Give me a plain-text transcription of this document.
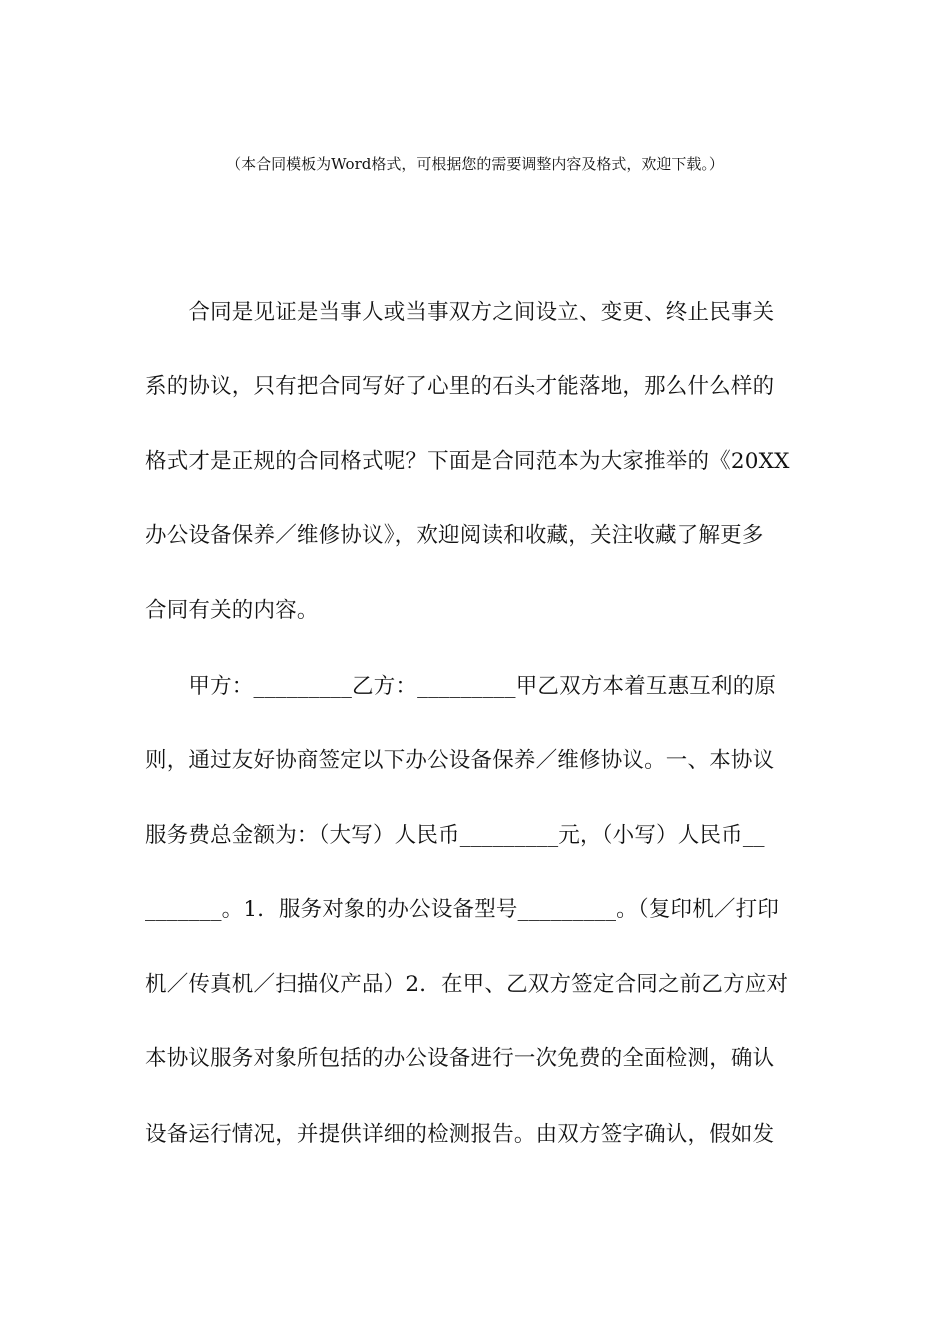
（本合同模板为Word格式，可根据您的需要调整内容及格式，欢迎下载。）
　　合同是见证是当事人或当事双方之间设立、变更、终止民事关
系的协议，只有把合同写好了心里的石头才能落地，那么什么样的
格式才是正规的合同格式呢？下面是合同范本为大家推举的《20XX
办公设备保养／维修协议》，欢迎阅读和收藏，关注收藏了解更多
合同有关的内容。
　　甲方：_________乙方：_________甲乙双方本着互惠互利的原
则，通过友好协商签定以下办公设备保养／维修协议。一、本协议
服务费总金额为：（大写）人民币_________元，（小写）人民币__
_______。1．服务对象的办公设备型号_________。（复印机／打印
机／传真机／扫描仪产品）2．在甲、乙双方签定合同之前乙方应对
本协议服务对象所包括的办公设备进行一次免费的全面检测，确认
设备运行情况，并提供详细的检测报告。由双方签字确认，假如发
